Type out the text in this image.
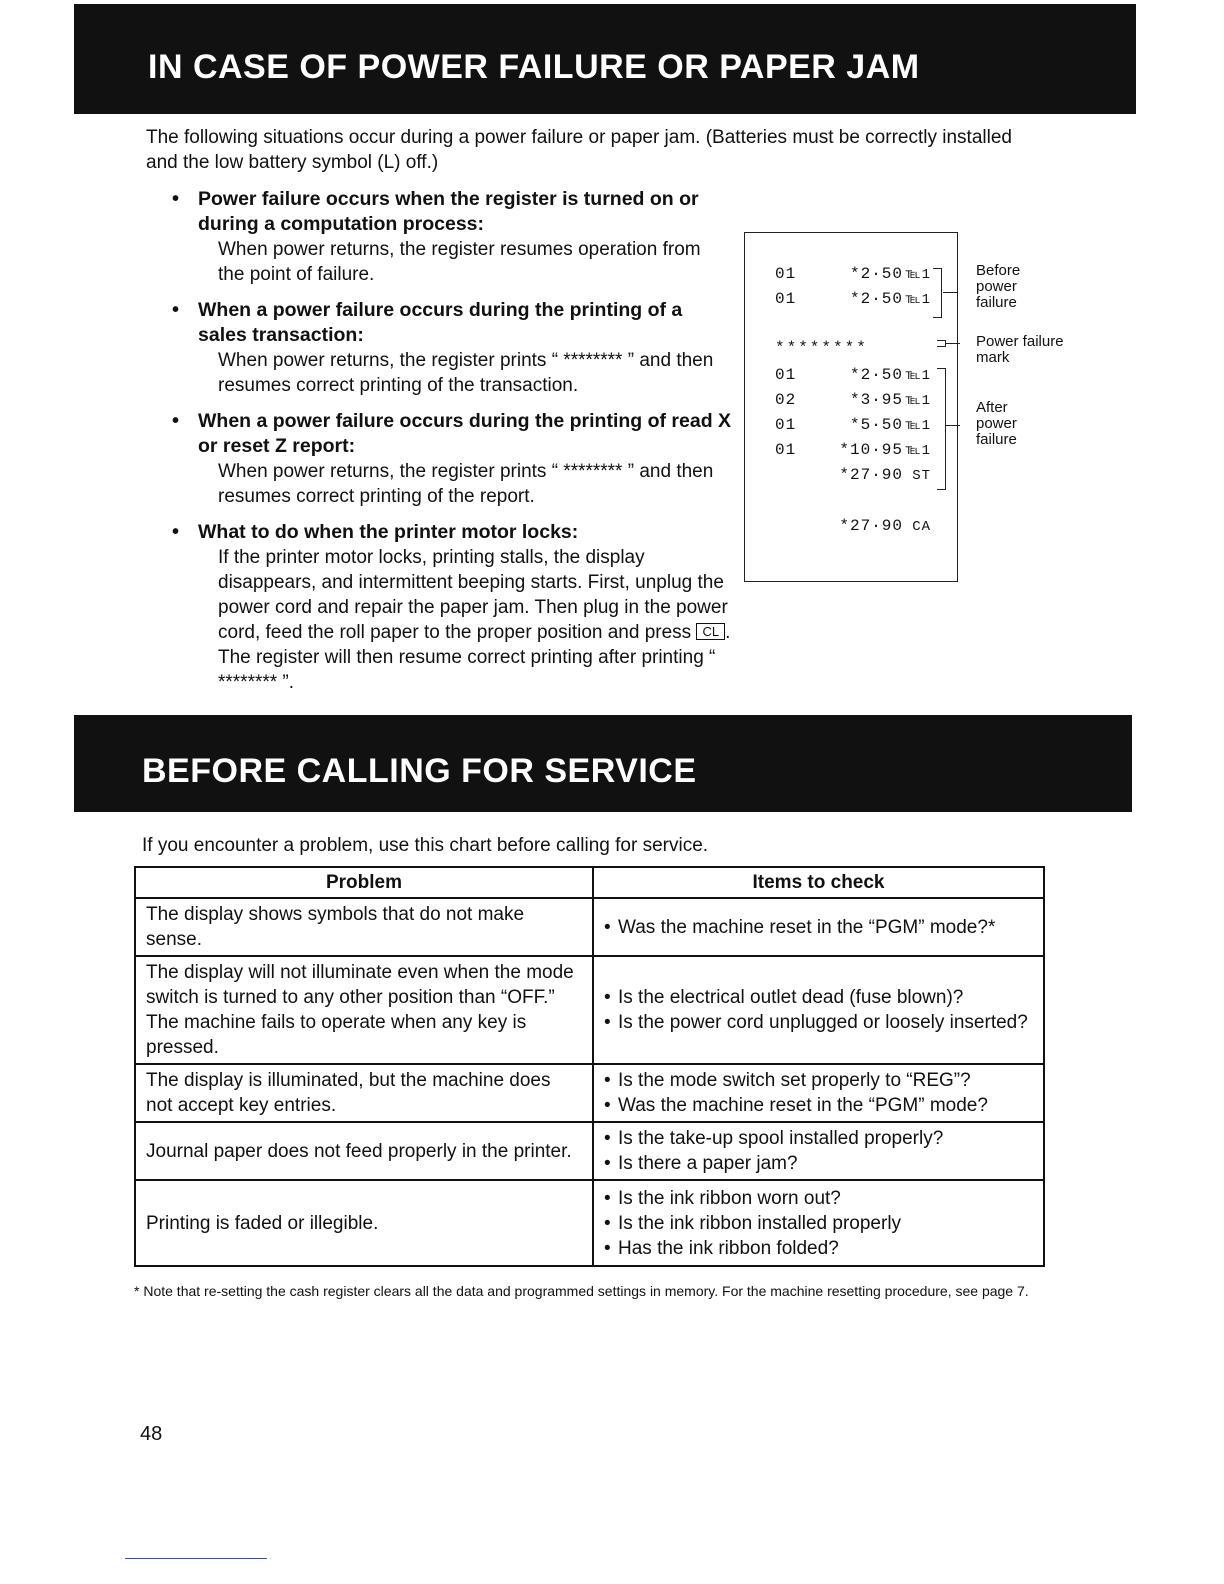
IN CASE OF POWER FAILURE OR PAPER JAM
The following situations occur during a power failure or paper jam. (Batteries must be correctly installed and the low battery symbol (L) off.)
• Power failure occurs when the register is turned on or during a computation process:
When power returns, the register resumes operation from the point of failure.
• When a power failure occurs during the printing of a sales transaction:
When power returns, the register prints “ ******** ” and then resumes correct printing of the transaction.
• When a power failure occurs during the printing of read X or reset Z report:
When power returns, the register prints “ ******** ” and then resumes correct printing of the report.
• What to do when the printer motor locks:
If the printer motor locks, printing stalls, the display disappears, and intermittent beeping starts. First, unplug the power cord and repair the paper jam. Then plug in the power cord, feed the roll paper to the proper position and press CL . The register will then resume correct printing after printing “ ******** ”.
01	*2·50 ℡1
01	*2·50 ℡1
********
01	*2·50 ℡1
02	*3·95 ℡1
01	*5·50 ℡1
01	*10·95 ℡1
*27·90 ST
*27·90 CA
Before power failure
Power failure mark
After power failure
BEFORE CALLING FOR SERVICE
If you encounter a problem, use this chart before calling for service.
Problem	Items to check
The display shows symbols that do not make sense.	• Was the machine reset in the “PGM” mode?*

The display will not illuminate even when the mode switch is turned to any other position than “OFF.” The machine fails to operate when any key is pressed.	• Is the electrical outlet dead (fuse blown)?
• Is the power cord unplugged or loosely inserted?

The display is illuminated, but the machine does not accept key entries.	• Is the mode switch set properly to “REG”?
• Was the machine reset in the “PGM” mode?

Journal paper does not feed properly in the printer.	• Is the take-up spool installed properly?
• Is there a paper jam?

Printing is faded or illegible.	• Is the ink ribbon worn out?
• Is the ink ribbon installed properly
• Has the ink ribbon folded?
* Note that re-setting the cash register clears all the data and programmed settings in memory. For the machine resetting procedure, see page 7.
48
